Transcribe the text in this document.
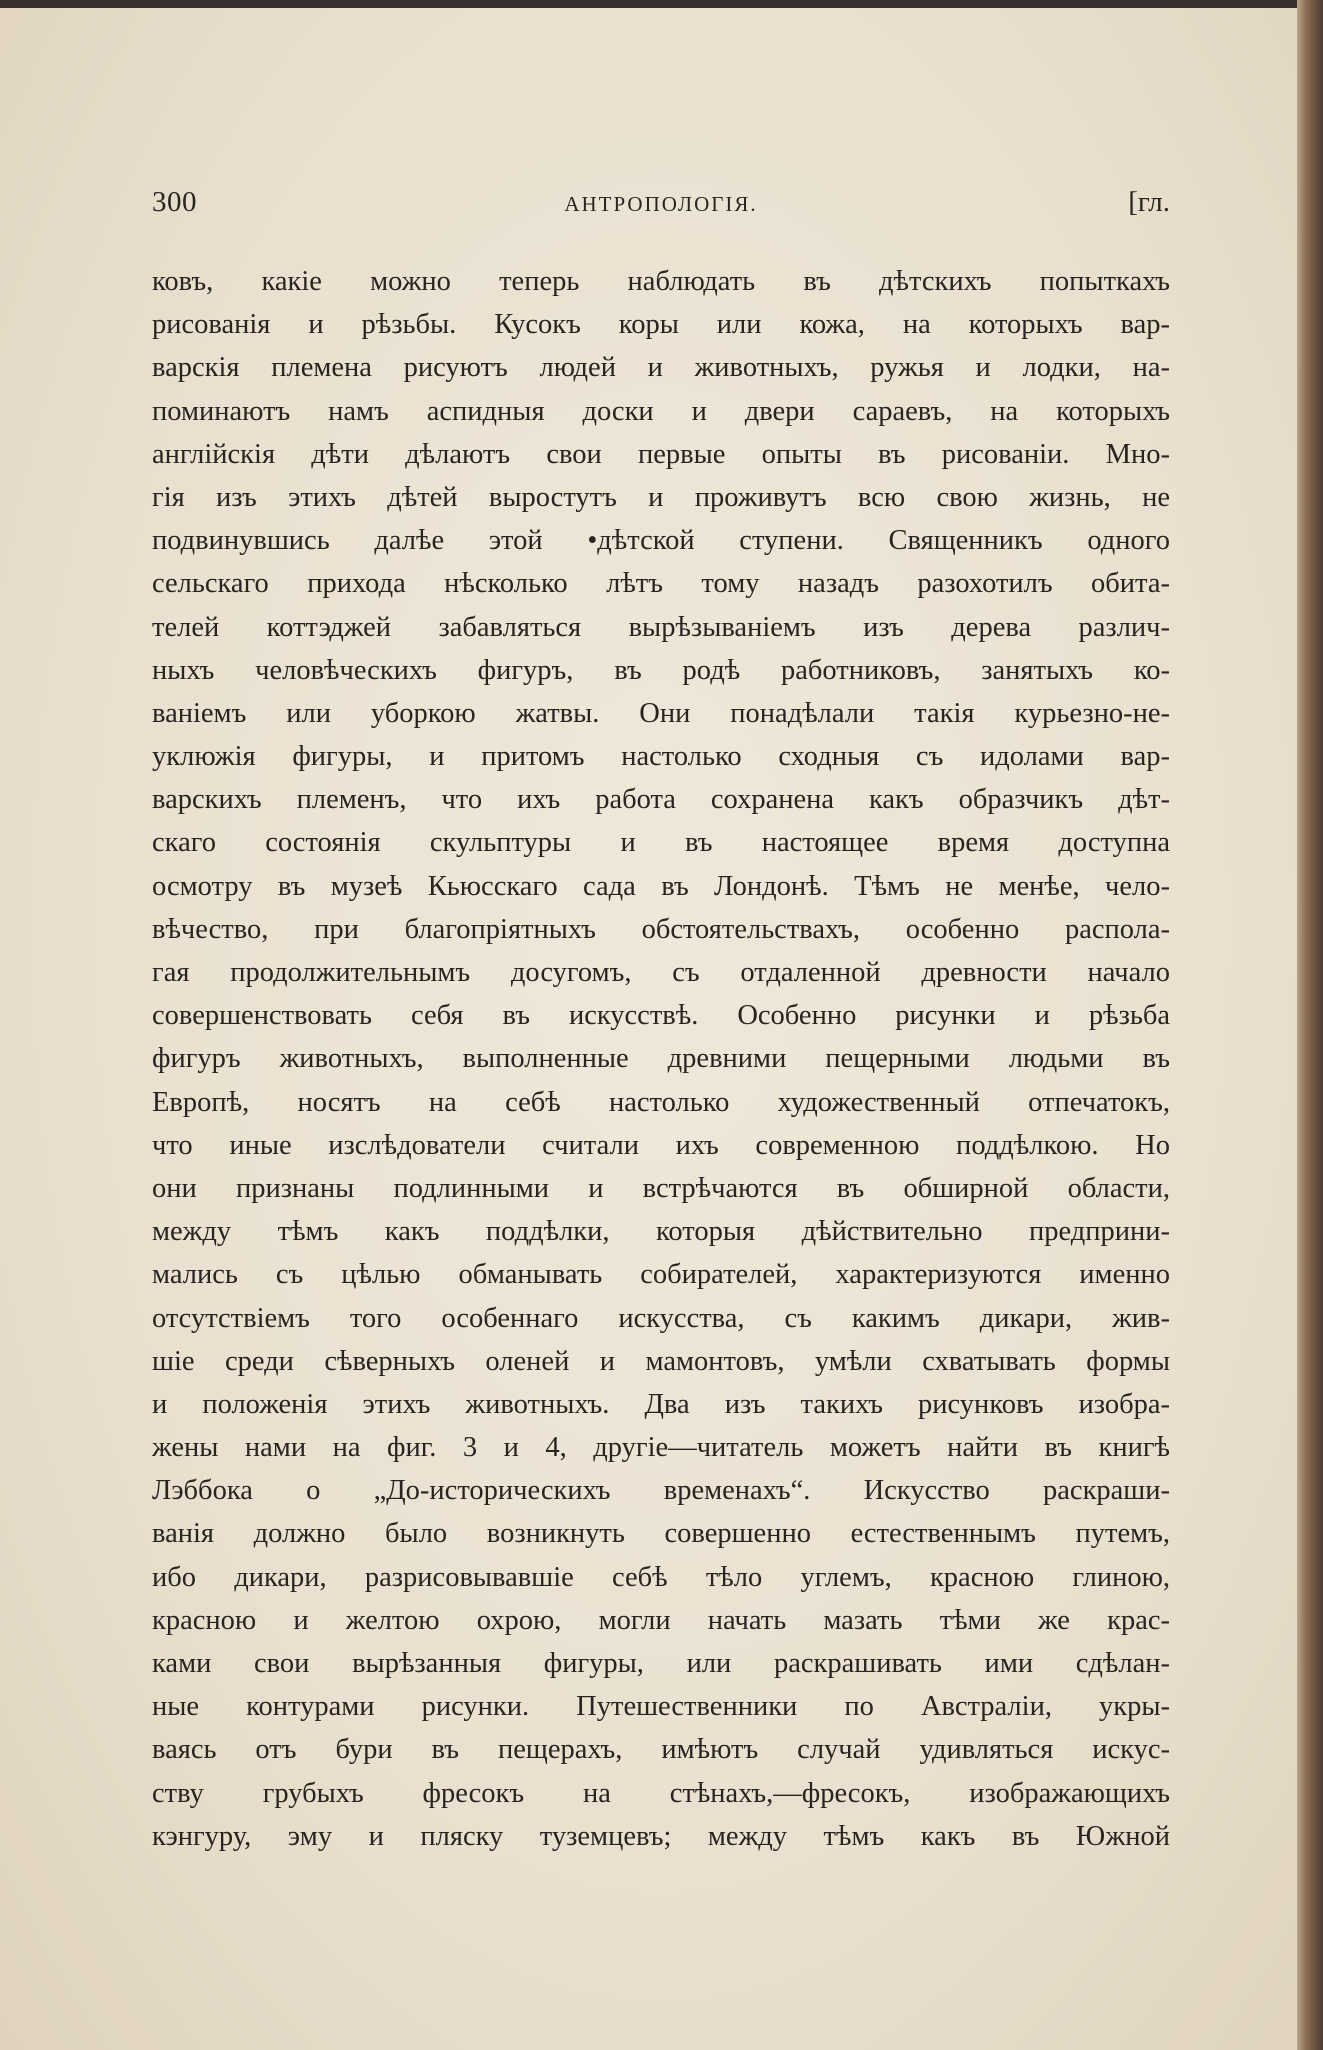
300	АНТРОПОЛОГІЯ.	[гл.
ковъ, какіе можно теперь наблюдать въ дѣтскихъ попыткахъ
рисованія и рѣзьбы. Кусокъ коры или кожа, на которыхъ вар-
варскія племена рисуютъ людей и животныхъ, ружья и лодки, на-
поминаютъ намъ аспидныя доски и двери сараевъ, на которыхъ
англійскія дѣти дѣлаютъ свои первые опыты въ рисованіи. Мно-
гія изъ этихъ дѣтей выростутъ и проживутъ всю свою жизнь, не
подвинувшись далѣе этой •дѣтской ступени. Священникъ одного
сельскаго прихода нѣсколько лѣтъ тому назадъ разохотилъ обита-
телей коттэджей забавляться вырѣзываніемъ изъ дерева различ-
ныхъ человѣческихъ фигуръ, въ родѣ работниковъ, занятыхъ ко-
ваніемъ или уборкою жатвы. Они понадѣлали такія курьезно-не-
уклюжія фигуры, и притомъ настолько сходныя съ идолами вар-
варскихъ племенъ, что ихъ работа сохранена какъ образчикъ дѣт-
скаго состоянія скульптуры и въ настоящее время доступна
осмотру въ музеѣ Кьюсскаго сада въ Лондонѣ. Тѣмъ не менѣе, чело-
вѣчество, при благопріятныхъ обстоятельствахъ, особенно распола-
гая продолжительнымъ досугомъ, съ отдаленной древности начало
совершенствовать себя въ искусствѣ. Особенно рисунки и рѣзьба
фигуръ животныхъ, выполненные древними пещерными людьми въ
Европѣ, носятъ на себѣ настолько художественный отпечатокъ,
что иные изслѣдователи считали ихъ современною поддѣлкою. Но
они признаны подлинными и встрѣчаются въ обширной области,
между тѣмъ какъ поддѣлки, которыя дѣйствительно предприни-
мались съ цѣлью обманывать собирателей, характеризуются именно
отсутствіемъ того особеннаго искусства, съ какимъ дикари, жив-
шіе среди сѣверныхъ оленей и мамонтовъ, умѣли схватывать формы
и положенія этихъ животныхъ. Два изъ такихъ рисунковъ изобра-
жены нами на фиг. 3 и 4, другіе—читатель можетъ найти въ книгѣ
Лэббока о „До-историческихъ временахъ“. Искусство раскраши-
ванія должно было возникнуть совершенно естественнымъ путемъ,
ибо дикари, разрисовывавшіе себѣ тѣло углемъ, красною глиною,
красною и желтою охрою, могли начать мазать тѣми же крас-
ками свои вырѣзанныя фигуры, или раскрашивать ими сдѣлан-
ные контурами рисунки. Путешественники по Австраліи, укры-
ваясь отъ бури въ пещерахъ, имѣютъ случай удивляться искус-
ству грубыхъ фресокъ на стѣнахъ,—фресокъ, изображающихъ
кэнгуру, эму и пляску туземцевъ; между тѣмъ какъ въ Южной
